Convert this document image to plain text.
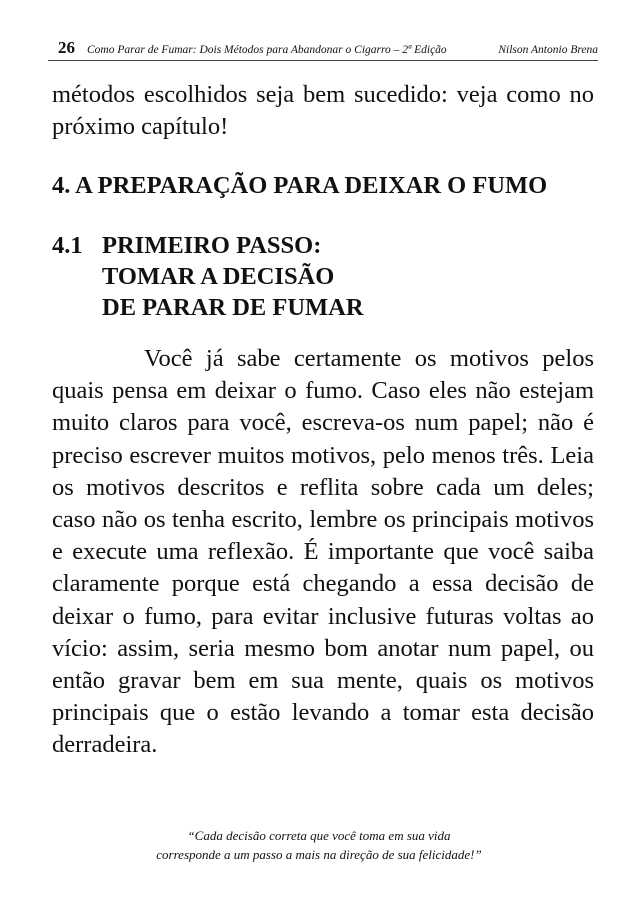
26 Como Parar de Fumar: Dois Métodos para Abandonar o Cigarro – 2ª Edição	Nilson Antonio Brena

métodos escolhidos seja bem sucedido: veja como no próximo capítulo!

4. A PREPARAÇÃO PARA DEIXAR O FUMO
4.1 PRIMEIRO PASSO:
TOMAR A DECISÃO
DE PARAR DE FUMAR

Você já sabe certamente os motivos pelos quais pensa em deixar o fumo. Caso eles não estejam muito claros para você, escreva-os num papel; não é preciso escrever muitos motivos, pelo menos três. Leia os motivos descritos e reflita sobre cada um deles; caso não os tenha escrito, lembre os principais motivos e execute uma reflexão. É importante que você saiba claramente porque está chegando a essa decisão de deixar o fumo, para evitar inclusive futuras voltas ao vício: assim, seria mesmo bom anotar num papel, ou então gravar bem em sua mente, quais os motivos principais que o estão levando a tomar esta decisão derradeira.

“Cada decisão correta que você toma em sua vida
corresponde a um passo a mais na direção de sua felicidade!”
